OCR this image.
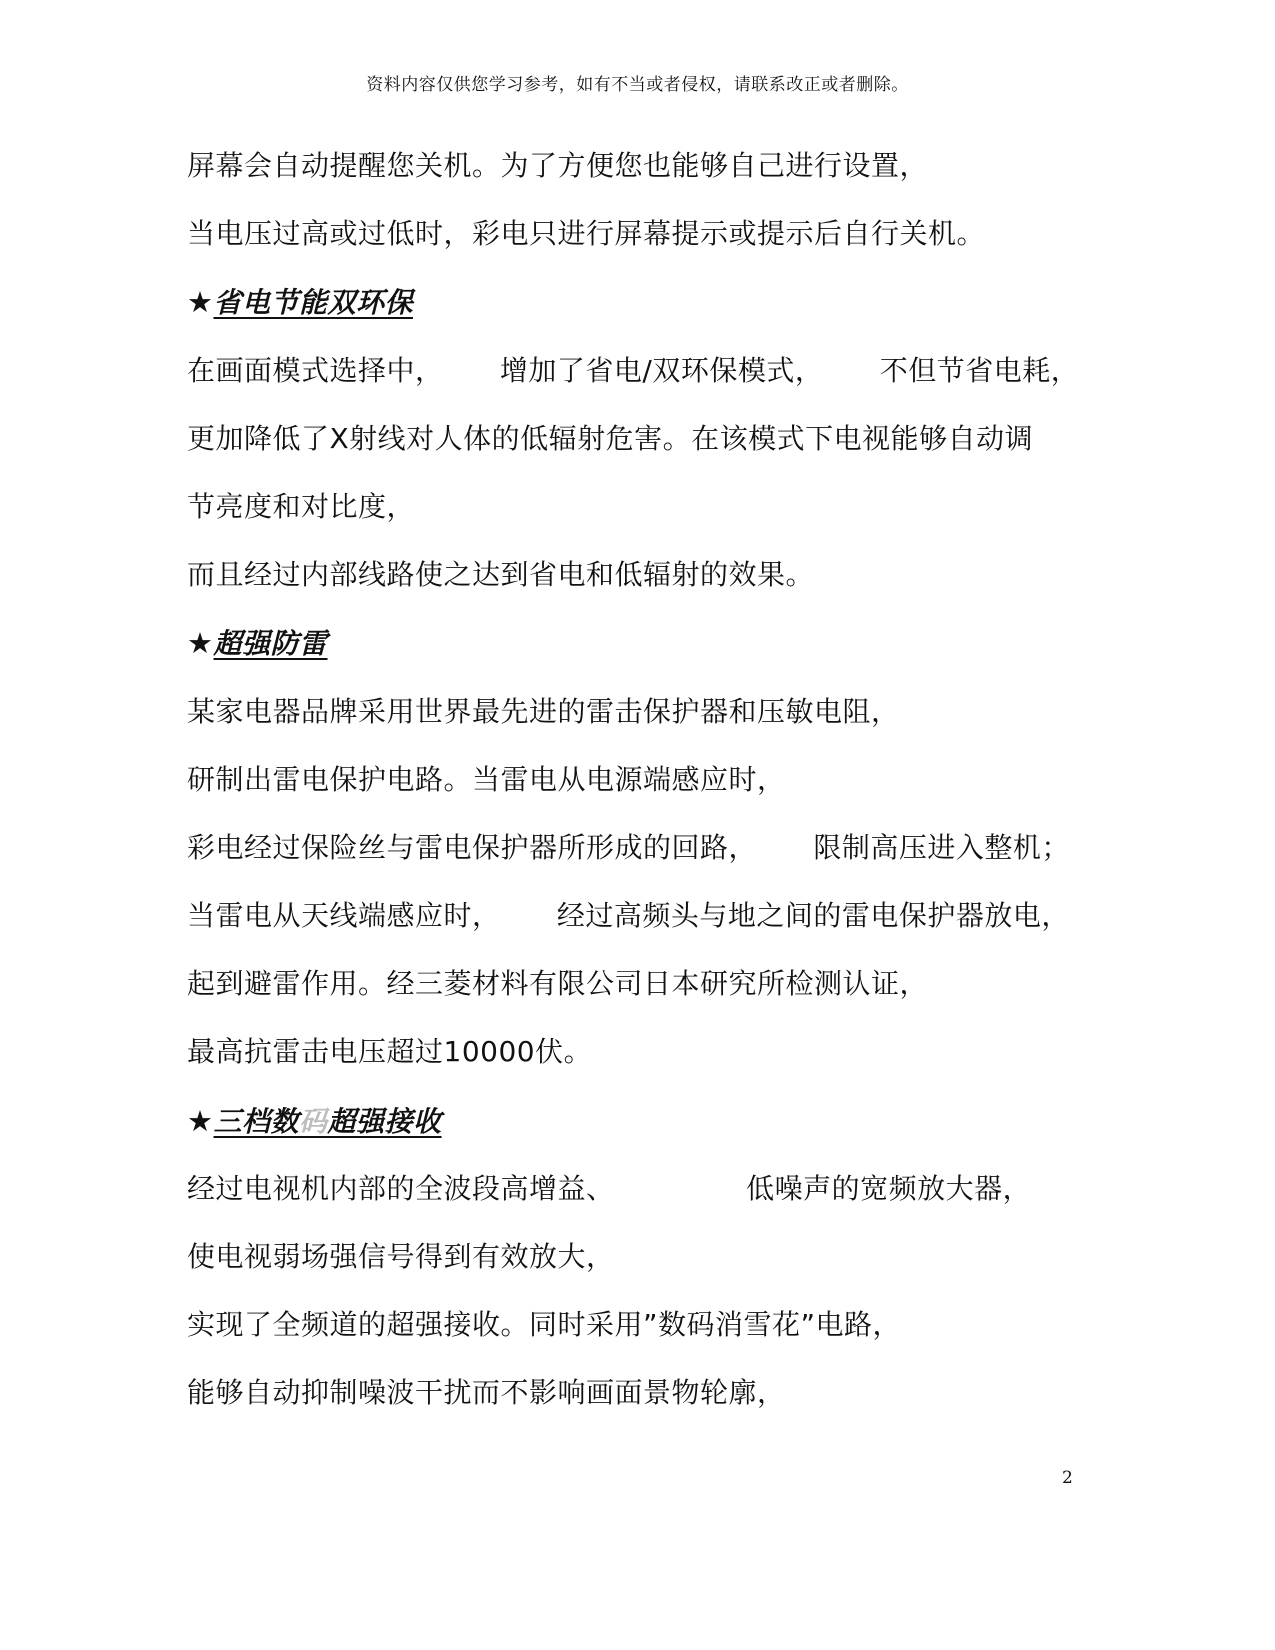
资料内容仅供您学习参考，如有不当或者侵权，请联系改正或者删除。
屏幕会自动提醒您关机。为了方便您也能够自己进行设置，
当电压过高或过低时，彩电只进行屏幕提示或提示后自行关机。
★省电节能双环保
在画面模式选择中，      增加了省电/双环保模式，      不但节省电耗，
更加降低了X射线对人体的低辐射危害。在该模式下电视能够自动调
节亮度和对比度，
而且经过内部线路使之达到省电和低辐射的效果。
★超强防雷
某家电器品牌采用世界最先进的雷击保护器和压敏电阻，
研制出雷电保护电路。当雷电从电源端感应时，
彩电经过保险丝与雷电保护器所形成的回路，      限制高压进入整机；
当雷电从天线端感应时，      经过高频头与地之间的雷电保护器放电，
起到避雷作用。经三菱材料有限公司日本研究所检测认证，
最高抗雷击电压超过10000伏。
★三档数码超强接收
经过电视机内部的全波段高增益、              低噪声的宽频放大器，
使电视弱场强信号得到有效放大，
实现了全频道的超强接收。同时采用”数码消雪花”电路，
能够自动抑制噪波干扰而不影响画面景物轮廓，
2
